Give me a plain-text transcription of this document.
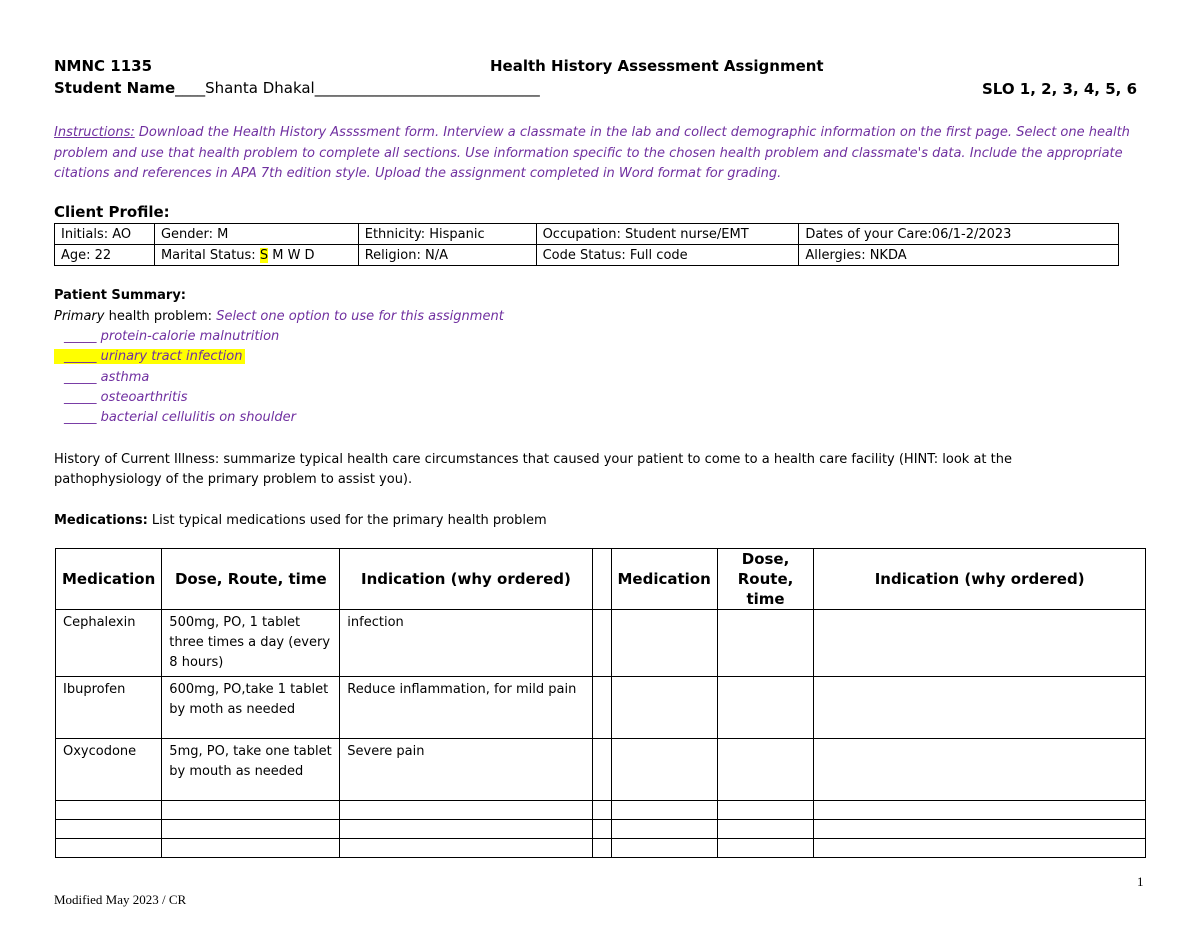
NMNC 1135	Health History Assessment Assignment
Student Name____Shanta Dhakal______________________________	SLO 1, 2, 3, 4, 5, 6
Instructions: Download the Health History Assssment form. Interview a classmate in the lab and collect demographic information on the first page. Select one health problem and use that health problem to complete all sections. Use information specific to the chosen health problem and classmate's data. Include the appropriate citations and references in APA 7th edition style. Upload the assignment completed in Word format for grading.
Client Profile:
Initials: AO	Gender: M	Ethnicity: Hispanic	Occupation: Student nurse/EMT	Dates of your Care:06/1-2/2023
Age: 22	Marital Status: S M W D	Religion: N/A	Code Status: Full code	Allergies: NKDA
Patient Summary:
Primary health problem: Select one option to use for this assignment
_____ protein-calorie malnutrition
_____ urinary tract infection
_____ asthma
_____ osteoarthritis
_____ bacterial cellulitis on shoulder
History of Current Illness: summarize typical health care circumstances that caused your patient to come to a health care facility (HINT: look at the
pathophysiology of the primary problem to assist you).
Medications: List typical medications used for the primary health problem
Medication	Dose, Route, time	Indication (why ordered)		Medication	Dose, Route, time	Indication (why ordered)
Cephalexin	500mg, PO, 1 tablet three times a day (every 8 hours)	infection				
Ibuprofen	600mg, PO,take 1 tablet by moth as needed	Reduce inflammation, for mild pain				
Oxycodone	5mg, PO, take one tablet by mouth as needed	Severe pain				

1
Modified May 2023 / CR
